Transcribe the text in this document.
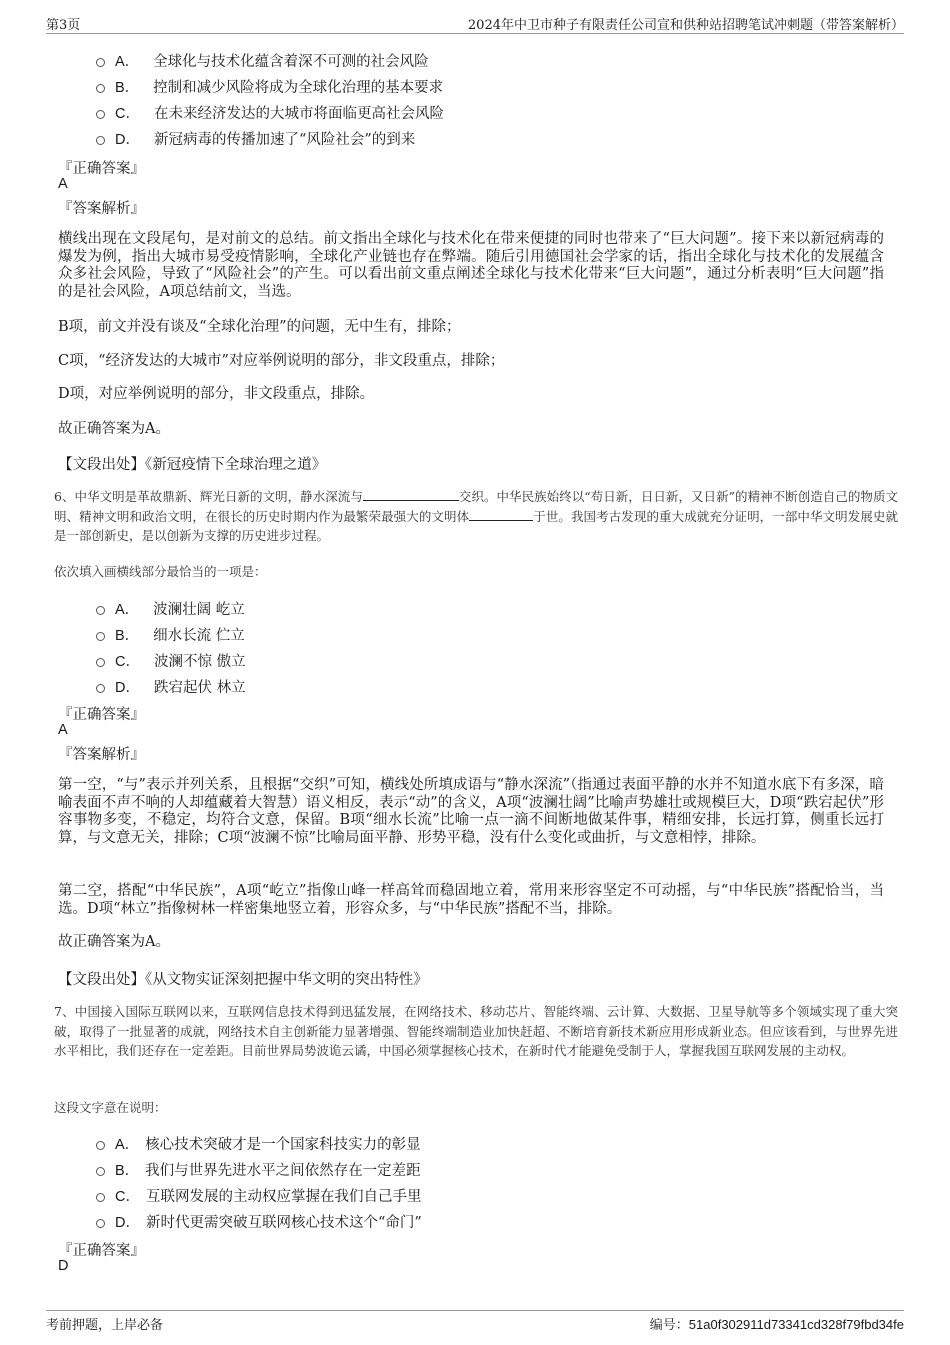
第3页	2024年中卫市种子有限责任公司宣和供种站招聘笔试冲刺题（带答案解析）
A． 全球化与技术化蕴含着深不可测的社会风险
B． 控制和减少风险将成为全球化治理的基本要求
C． 在未来经济发达的大城市将面临更高社会风险
D． 新冠病毒的传播加速了“风险社会”的到来
『正确答案』
A
『答案解析』
横线出现在文段尾句，是对前文的总结。前文指出全球化与技术化在带来便捷的同时也带来了“巨大问题”。接下来以新冠病毒的爆发为例，指出大城市易受疫情影响，全球化产业链也存在弊端。随后引用德国社会学家的话，指出全球化与技术化的发展蕴含众多社会风险，导致了“风险社会”的产生。可以看出前文重点阐述全球化与技术化带来“巨大问题”，通过分析表明“巨大问题”指的是社会风险，A项总结前文，当选。
B项，前文并没有谈及“全球化治理”的问题，无中生有，排除；
C项，“经济发达的大城市”对应举例说明的部分，非文段重点，排除；
D项，对应举例说明的部分，非文段重点，排除。
故正确答案为A。
【文段出处】《新冠疫情下全球治理之道》
6、中华文明是革故鼎新、辉光日新的文明，静水深流与	交织。中华民族始终以“苟日新，日日新，又日新”的精神不断创造自己的物质文明、精神文明和政治文明，在很长的历史时期内作为最繁荣最强大的文明体	于世。我国考古发现的重大成就充分证明，一部中华文明发展史就是一部创新史，是以创新为支撑的历史进步过程。
依次填入画横线部分最恰当的一项是：
A． 波澜壮阔 屹立
B． 细水长流 伫立
C． 波澜不惊 傲立
D． 跌宕起伏 林立
『正确答案』
A
『答案解析』
第一空，“与”表示并列关系，且根据“交织”可知，横线处所填成语与“静水深流”（指通过表面平静的水并不知道水底下有多深，暗喻表面不声不响的人却蕴藏着大智慧）语义相反，表示“动”的含义，A项“波澜壮阔”比喻声势雄壮或规模巨大，D项“跌宕起伏”形容事物多变，不稳定，均符合文意，保留。B项“细水长流”比喻一点一滴不间断地做某件事，精细安排，长远打算，侧重长远打算，与文意无关，排除；C项“波澜不惊”比喻局面平静、形势平稳，没有什么变化或曲折，与文意相悖，排除。
第二空，搭配“中华民族”，A项“屹立”指像山峰一样高耸而稳固地立着，常用来形容坚定不可动摇，与“中华民族”搭配恰当，当选。D项“林立”指像树林一样密集地竖立着，形容众多，与“中华民族”搭配不当，排除。
故正确答案为A。
【文段出处】《从文物实证深刻把握中华文明的突出特性》
7、中国接入国际互联网以来，互联网信息技术得到迅猛发展，在网络技术、移动芯片、智能终端、云计算、大数据、卫星导航等多个领域实现了重大突破，取得了一批显著的成就，网络技术自主创新能力显著增强、智能终端制造业加快赶超、不断培育新技术新应用形成新业态。但应该看到，与世界先进水平相比，我们还存在一定差距。目前世界局势波诡云谲，中国必须掌握核心技术，在新时代才能避免受制于人，掌握我国互联网发展的主动权。
这段文字意在说明：
A． 核心技术突破才是一个国家科技实力的彰显
B． 我们与世界先进水平之间依然存在一定差距
C． 互联网发展的主动权应掌握在我们自己手里
D． 新时代更需突破互联网核心技术这个“命门”
『正确答案』
D
考前押题，上岸必备	编号：51a0f302911d73341cd328f79fbd34fe
